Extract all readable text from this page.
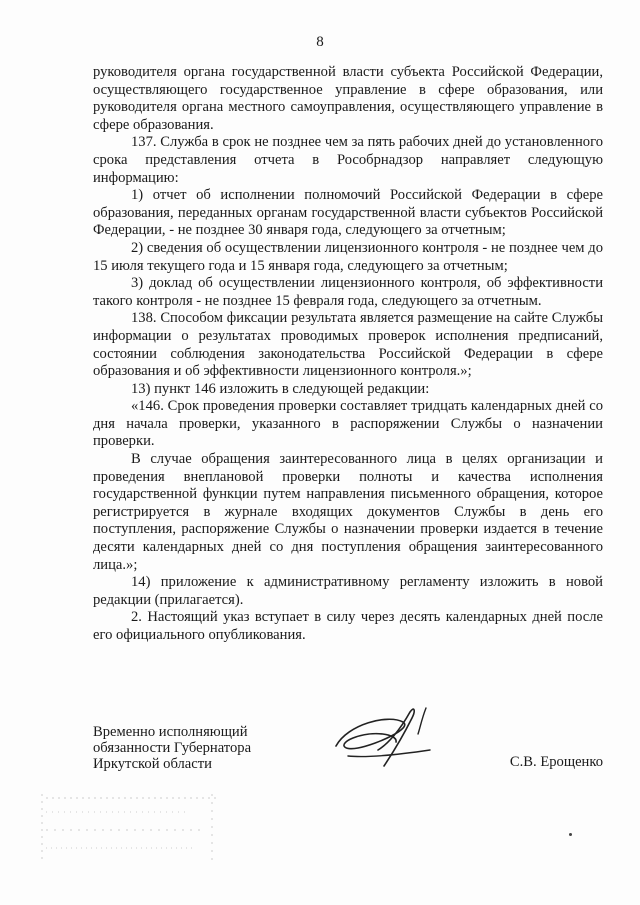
8

руководителя органа государственной власти субъекта Российской Федерации, осуществляющего государственное управление в сфере образования, или руководителя органа местного самоуправления, осуществляющего управление в сфере образования.

137. Служба в срок не позднее чем за пять рабочих дней до установленного срока представления отчета в Рособрнадзор направляет следующую информацию:

1) отчет об исполнении полномочий Российской Федерации в сфере образования, переданных органам государственной власти субъектов Российской Федерации, - не позднее 30 января года, следующего за отчетным;

2) сведения об осуществлении лицензионного контроля - не позднее чем до 15 июля текущего года и 15 января года, следующего за отчетным;

3) доклад об осуществлении лицензионного контроля, об эффективности такого контроля - не позднее 15 февраля года, следующего за отчетным.

138. Способом фиксации результата является размещение на сайте Службы информации о результатах проводимых проверок исполнения предписаний, состоянии соблюдения законодательства Российской Федерации в сфере образования и об эффективности лицензионного контроля.»;

13) пункт 146 изложить в следующей редакции:

«146. Срок проведения проверки составляет тридцать календарных дней со дня начала проверки, указанного в распоряжении Службы о назначении проверки.

В случае обращения заинтересованного лица в целях организации и проведения внеплановой проверки полноты и качества исполнения государственной функции путем направления письменного обращения, которое регистрируется в журнале входящих документов Службы в день его поступления, распоряжение Службы о назначении проверки издается в течение десяти календарных дней со дня поступления обращения заинтересованного лица.»;

14) приложение к административному регламенту изложить в новой редакции (прилагается).

2. Настоящий указ вступает в силу через десять календарных дней после его официального опубликования.

Временно исполняющий
обязанности Губернатора
Иркутской области	С.В. Ерощенко
